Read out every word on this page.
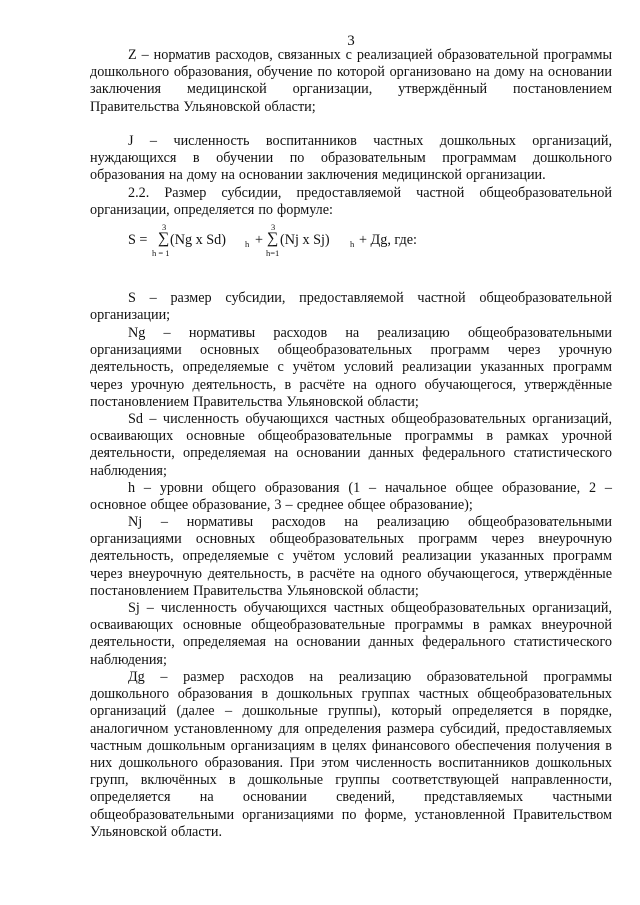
3

Z – норматив расходов, связанных с реализацией образовательной программы дошкольного образования, обучение по которой организовано на дому на основании заключения медицинской организации, утверждённый постановлением Правительства Ульяновской области;

J – численность воспитанников частных дошкольных организаций, нуждающихся в обучении по образовательным программам дошкольного образования на дому на основании заключения медицинской организации.

2.2. Размер субсидии, предоставляемой частной общеобразовательной организации, определяется по формуле:

S =
3
∑
h = 1
(Ng x Sd) h +
3
∑
h=1
(Nj x Sj) h + Дg, где:

S – размер субсидии, предоставляемой частной общеобразовательной организации;

Ng – нормативы расходов на реализацию общеобразовательными организациями основных общеобразовательных программ через урочную деятельность, определяемые с учётом условий реализации указанных программ через урочную деятельность, в расчёте на одного обучающегося, утверждённые постановлением Правительства Ульяновской области;

Sd – численность обучающихся частных общеобразовательных организаций, осваивающих основные общеобразовательные программы в рамках урочной деятельности, определяемая на основании данных федерального статистического наблюдения;

h – уровни общего образования (1 – начальное общее образование, 2 – основное общее образование, 3 – среднее общее образование);

Nj – нормативы расходов на реализацию общеобразовательными организациями основных общеобразовательных программ через внеурочную деятельность, определяемые с учётом условий реализации указанных программ через внеурочную деятельность, в расчёте на одного обучающегося, утверждённые постановлением Правительства Ульяновской области;

Sj – численность обучающихся частных общеобразовательных организаций, осваивающих основные общеобразовательные программы в рамках внеурочной деятельности, определяемая на основании данных федерального статистического наблюдения;

Дg – размер расходов на реализацию образовательной программы дошкольного образования в дошкольных группах частных общеобразовательных организаций (далее – дошкольные группы), который определяется в порядке, аналогичном установленному для определения размера субсидий, предоставляемых частным дошкольным организациям в целях финансового обеспечения получения в них дошкольного образования. При этом численность воспитанников дошкольных групп, включённых в дошкольные группы соответствующей направленности, определяется на основании сведений, представляемых частными общеобразовательными организациями по форме, установленной Правительством Ульяновской области.
